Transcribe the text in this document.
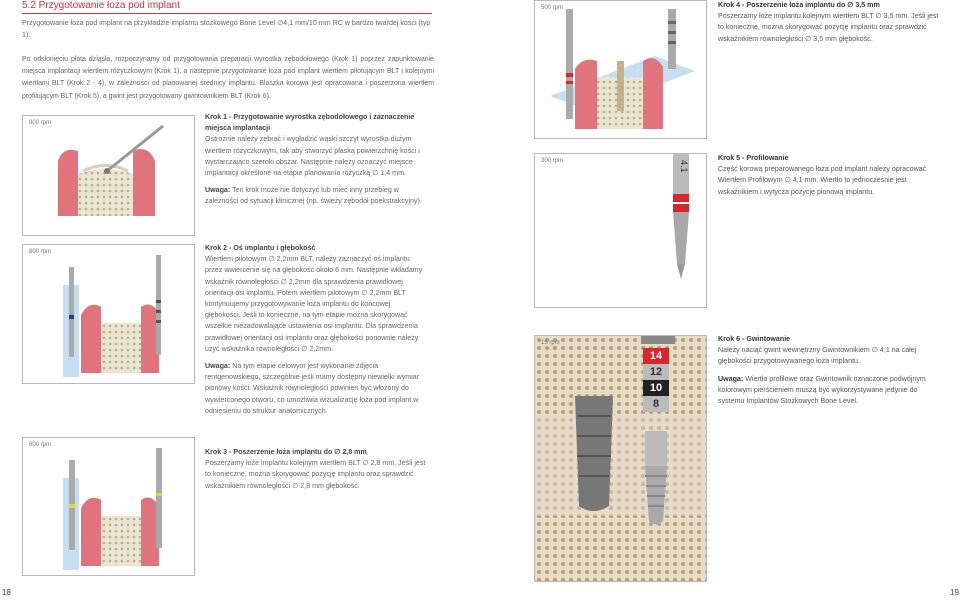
5.2 Przygotowanie łoża pod implant
Przygotowanie łoża pod implant na przykładzie implantu stożkowego Bone Level ∅4,1 mm/10 mm RC w bardzo twardej kości (typ 1).
Po odsłonięciu płata dziąsła, rozpoczynamy od przygotowania preparacji wyrostka zębodołowego (Krok 1) poprzez zapunktowanie miejsca implantacji wiertłem różyczkowym (Krok 1), a następnie przygotowanie łoża pod implant wiertłem pilotującym BLT i kolejnymi wiertłami BLT (Krok 2 - 4), w zależności od planowanej średnicy implantu. Blaszka korowa jest opracowana i poszerzona wiertłem profilującym BLT (Krok 5), a gwint jest przygotowany gwintownikiem BLT (Krok 6).
800 rpm
Krok 1 - Przygotowanie wyrostka zębodołowego i zaznaczenie miejsca implantacji
Ostrożnie należy zebrać i wygładzić wąski szczyt wyrostka dużym wiertłem różyczkowym, tak aby stworzyć płaską powierzchnię kości i wystarczająco szeroki obszar. Następnie należy oznaczyć miejsce implantacji określone na etapie planowania różyczką ∅ 1,4 mm.
Uwaga: Ten krok może nie dotyczyć lub mieć inny przebieg w zależności od sytuacji klinicznej (np. świeży zębodół poekstrakcyjny).
800 rpm	Krok 2 - Oś implantu i głębokość
Wiertłem pilotowym ∅ 2,2mm BLT, należy zaznaczyć oś implantu przez wwiercenie się na głębokość około 6 mm. Następnie wkładamy wskaźnik równoległości ∅ 2,2mm dla sprawdzenia prawidłowej orientacji osi implantu. Potem wiertłem pilotowym ∅ 2,2mm BLT kontynuujemy przygotowywanie łoża implantu do końcowej głębokości. Jeśli to konieczne, na tym etapie można skorygować wszelkie niezadowalające ustawienia osi implantu. Dla sprawdzenia prawidłowej orientacji osi implantu oraz głębokości ponownie należy użyć wskaźnika równoległości ∅ 2,2mm.
Uwaga: Na tym etapie celowym jest wykonanie zdjęcia rentgenowskiego, szczególnie jeśli mamy dostępny niewielki wymiar pionowy kości. Wskaźnik równoległości powinien być włożony do wywierconego otworu, co umożliwia wizualizację łoża pod implant w odniesieniu do struktur anatomicznych.
600 rpm
Krok 3 - Poszerzenie łoża implantu do ∅ 2,8 mm
Poszerzamy łoże implantu kolejnym wiertłem BLT ∅ 2,8 mm. Jeśli jest to konieczne, można skorygować pozycję implantu oraz sprawdzić wskaźnikiem równoległości ∅ 2,8 mm głębokość.
18
500 rpm	Krok 4 - Poszerzenie łoża implantu do ∅ 3,5 mm
Poszerzamy łoże implantu kolejnym wiertłem BLT ∅ 3,5 mm. Jeśli jest to konieczne, można skorygować pozycję implantu oraz sprawdzić wskaźnikiem równoległości ∅ 3,5 mm głębokość.
300 rpm	4.1
Krok 5 - Profilowanie
Część korową preparowanego łoża pod implant należy opracować Wiertłem Profilowym ∅ 4,1 mm. Wiertło to jednocześnie jest wskaźnikiem i wytycza pozycję pionową implantu.
15 rpm
14
12
10
8
Krok 6 - Gwintowanie
Należy naciąć gwint wewnętrzny Gwintownikiem ∅ 4,1 na całej głębokości przygotowywanego łoża implantu.
Uwaga: Wiertła profilowe oraz Gwintownik oznaczone podwójnym kolorowym pierścieniem muszą być wykorzystywane jedynie do systemu Implantów Stożkowych Bone Level.
19
